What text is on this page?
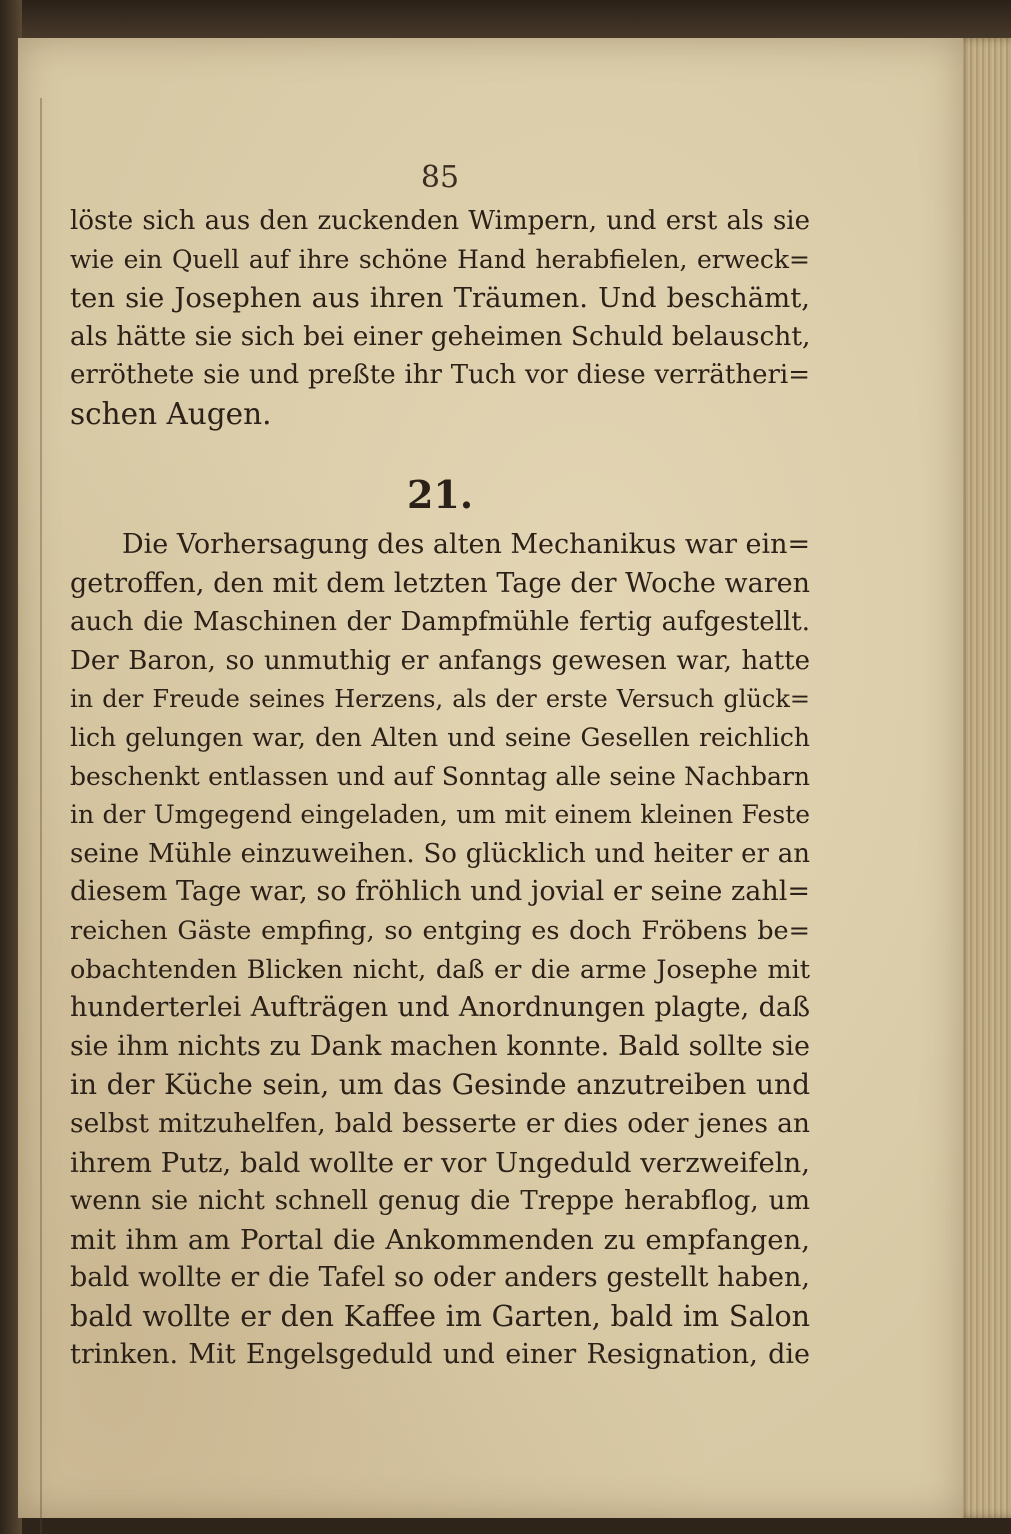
85
löste sich aus den zuckenden Wimpern, und erst als sie
wie ein Quell auf ihre schöne Hand herabfielen, erweck=
ten sie Josephen aus ihren Träumen. Und beschämt,
als hätte sie sich bei einer geheimen Schuld belauscht,
erröthete sie und preßte ihr Tuch vor diese verrätheri=
schen Augen.
21.
Die Vorhersagung des alten Mechanikus war ein=
getroffen, den mit dem letzten Tage der Woche waren
auch die Maschinen der Dampfmühle fertig aufgestellt.
Der Baron, so unmuthig er anfangs gewesen war, hatte
in der Freude seines Herzens, als der erste Versuch glück=
lich gelungen war, den Alten und seine Gesellen reichlich
beschenkt entlassen und auf Sonntag alle seine Nachbarn
in der Umgegend eingeladen, um mit einem kleinen Feste
seine Mühle einzuweihen. So glücklich und heiter er an
diesem Tage war, so fröhlich und jovial er seine zahl=
reichen Gäste empfing, so entging es doch Fröbens be=
obachtenden Blicken nicht, daß er die arme Josephe mit
hunderterlei Aufträgen und Anordnungen plagte, daß
sie ihm nichts zu Dank machen konnte. Bald sollte sie
in der Küche sein, um das Gesinde anzutreiben und
selbst mitzuhelfen, bald besserte er dies oder jenes an
ihrem Putz, bald wollte er vor Ungeduld verzweifeln,
wenn sie nicht schnell genug die Treppe herabflog, um
mit ihm am Portal die Ankommenden zu empfangen,
bald wollte er die Tafel so oder anders gestellt haben,
bald wollte er den Kaffee im Garten, bald im Salon
trinken. Mit Engelsgeduld und einer Resignation, die
